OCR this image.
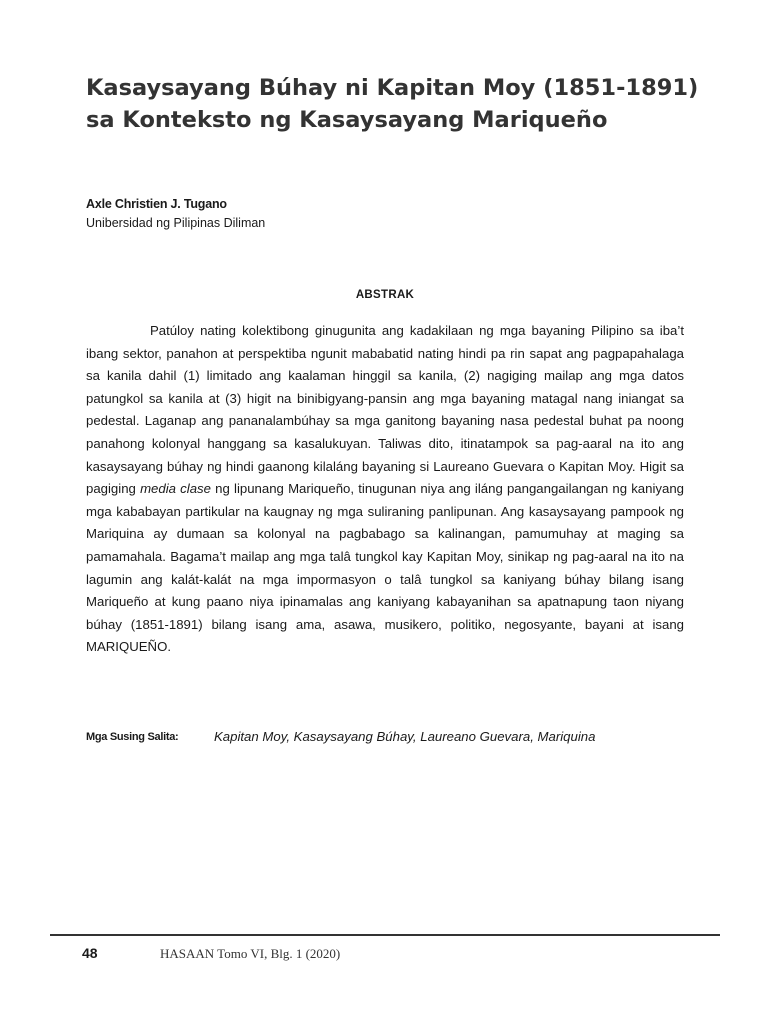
Kasaysayang Búhay ni Kapitan Moy (1851-1891) sa Konteksto ng Kasaysayang Mariqueño
Axle Christien J. Tugano
Unibersidad ng Pilipinas Diliman
ABSTRAK

Patúloy nating kolektibong ginugunita ang kadakilaan ng mga bayaning Pilipino sa iba’t ibang sektor, panahon at perspektiba ngunit mababatid nating hindi pa rin sapat ang pagpapahalaga sa kanila dahil (1) limitado ang kaalaman hinggil sa kanila, (2) nagiging mailap ang mga datos patungkol sa kanila at (3) higit na binibigyang-pansin ang mga bayaning matagal nang iniangat sa pedestal. Laganap ang pananalambúhay sa mga ganitong bayaning nasa pedestal buhat pa noong panahong kolonyal hanggang sa kasalukuyan. Taliwas dito, itinatampok sa pag-aaral na ito ang kasaysayang búhay ng hindi gaanong kilaláng bayaning si Laureano Guevara o Kapitan Moy. Higit sa pagiging media clase ng lipunang Mariqueño, tinugunan niya ang iláng pangangailangan ng kaniyang mga kababayan partikular na kaugnay ng mga suliraning panlipunan. Ang kasaysayang pampook ng Mariquina ay dumaan sa kolonyal na pagbabago sa kalinangan, pamumuhay at maging sa pamamahala. Bagama’t mailap ang mga talâ tungkol kay Kapitan Moy, sinikap ng pag-aaral na ito na lagumin ang kalát-kalát na mga impormasyon o talâ tungkol sa kaniyang búhay bilang isang Mariqueño at kung paano niya ipinamalas ang kaniyang kabayanihan sa apatnapung taon niyang búhay (1851-1891) bilang isang ama, asawa, musikero, politiko, negosyante, bayani at isang MARIQUEÑO.

Mga Susing Salita:	Kapitan Moy, Kasaysayang Búhay, Laureano Guevara, Mariquina
48	HASAAN Tomo VI, Blg. 1 (2020)
